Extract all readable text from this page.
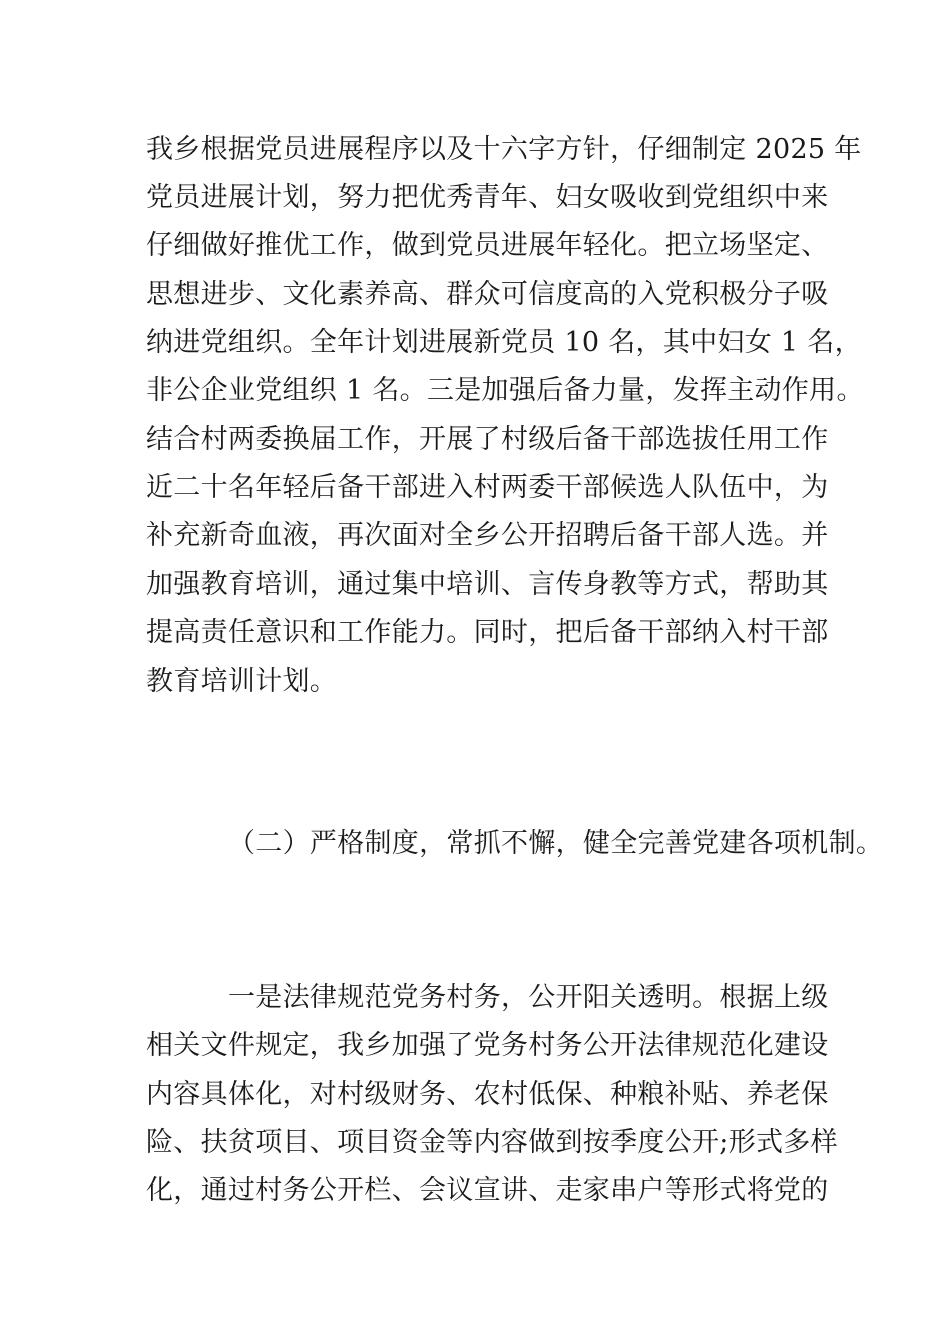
我乡根据党员进展程序以及十六字方针，仔细制定 2025 年
党员进展计划，努力把优秀青年、妇女吸收到党组织中来
仔细做好推优工作，做到党员进展年轻化。把立场坚定、
思想进步、文化素养高、群众可信度高的入党积极分子吸
纳进党组织。全年计划进展新党员 10 名，其中妇女 1 名，
非公企业党组织 1 名。三是加强后备力量，发挥主动作用。
结合村两委换届工作，开展了村级后备干部选拔任用工作
近二十名年轻后备干部进入村两委干部候选人队伍中，为
补充新奇血液，再次面对全乡公开招聘后备干部人选。并
加强教育培训，通过集中培训、言传身教等方式，帮助其
提高责任意识和工作能力。同时，把后备干部纳入村干部
教育培训计划。
（二）严格制度，常抓不懈，健全完善党建各项机制。
一是法律规范党务村务，公开阳关透明。根据上级
相关文件规定，我乡加强了党务村务公开法律规范化建设
内容具体化，对村级财务、农村低保、种粮补贴、养老保
险、扶贫项目、项目资金等内容做到按季度公开;形式多样
化，通过村务公开栏、会议宣讲、走家串户等形式将党的
